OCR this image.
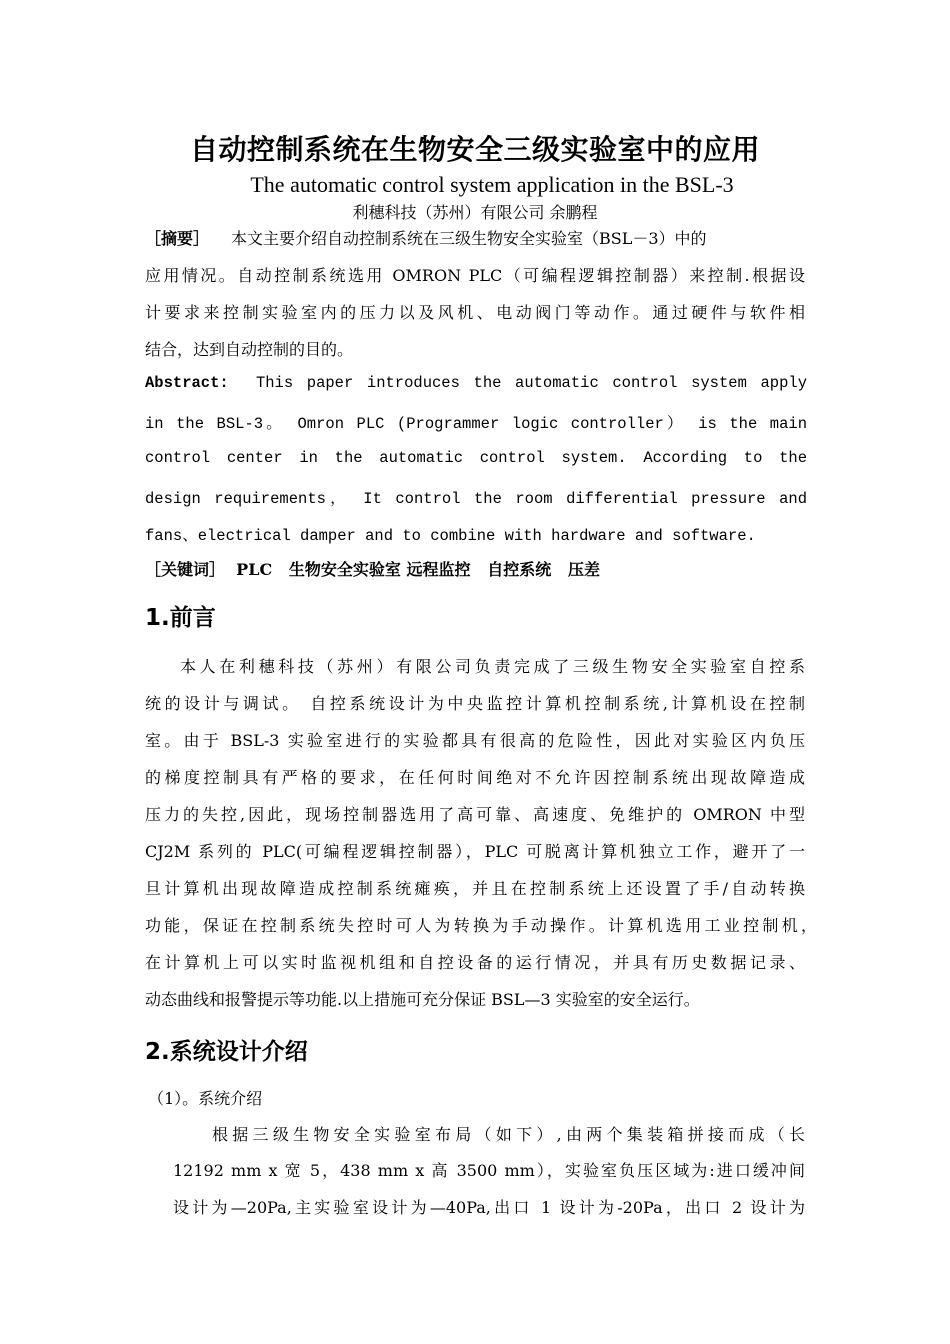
自动控制系统在生物安全三级实验室中的应用
The automatic control system application in the BSL-3
利穗科技（苏州）有限公司 余鹏程
［摘要］ 本文主要介绍自动控制系统在三级生物安全实验室（BSL－3）中的
应用情况。自动控制系统选用 OMRON PLC（可编程逻辑控制器）来控制.根据设
计要求来控制实验室内的压力以及风机、电动阀门等动作。通过硬件与软件相
结合，达到自动控制的目的。
Abstract: This paper introduces the automatic control system apply
in the BSL-3。 Omron PLC (Programmer logic controller） is the main
control center in the automatic control system. According to the
design requirements， It control the room differential pressure and
fans、electrical damper and to combine with hardware and software.
［关键词］ PLC 生物安全实验室 远程监控 自控系统 压差
1.前言
本人在利穗科技（苏州）有限公司负责完成了三级生物安全实验室自控系
统的设计与调试。 自控系统设计为中央监控计算机控制系统,计算机设在控制
室。由于 BSL-3 实验室进行的实验都具有很高的危险性，因此对实验区内负压
的梯度控制具有严格的要求，在任何时间绝对不允许因控制系统出现故障造成
压力的失控,因此，现场控制器选用了高可靠、高速度、免维护的 OMRON 中型
CJ2M 系列的 PLC(可编程逻辑控制器），PLC 可脱离计算机独立工作，避开了一
旦计算机出现故障造成控制系统瘫痪，并且在控制系统上还设置了手/自动转换
功能，保证在控制系统失控时可人为转换为手动操作。计算机选用工业控制机，
在计算机上可以实时监视机组和自控设备的运行情况，并具有历史数据记录、
动态曲线和报警提示等功能.以上措施可充分保证 BSL—3 实验室的安全运行。
2.系统设计介绍
（1）。系统介绍
根据三级生物安全实验室布局（如下）,由两个集装箱拼接而成（长
12192 mm x 宽 5，438 mm x 高 3500 mm），实验室负压区域为:进口缓冲间
设计为—20Pa,主实验室设计为—40Pa,出口 1 设计为-20Pa，出口 2 设计为
